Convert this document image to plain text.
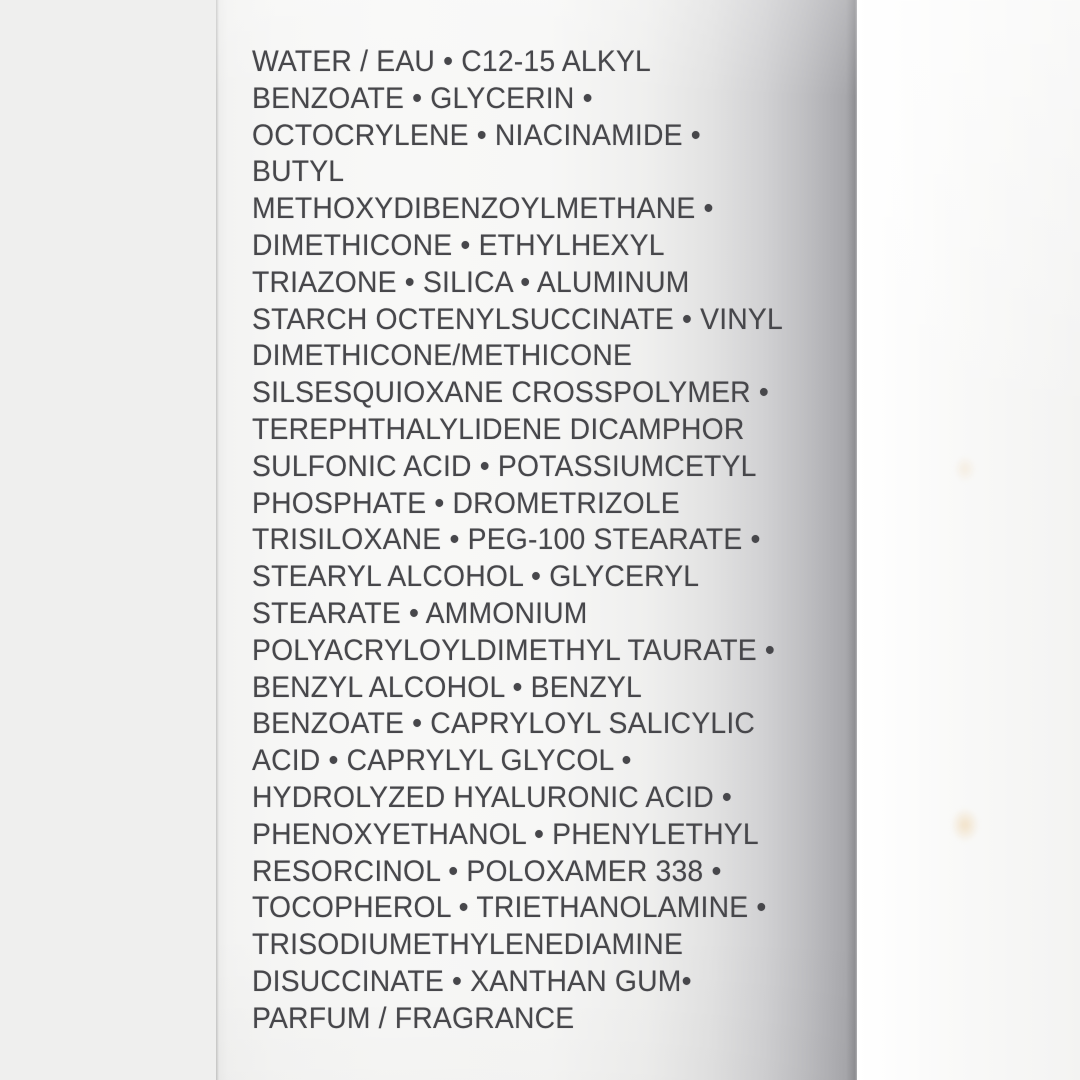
WATER / EAU • C12-15 ALKYL
BENZOATE • GLYCERIN •
OCTOCRYLENE • NIACINAMIDE •
BUTYL
METHOXYDIBENZOYLMETHANE •
DIMETHICONE • ETHYLHEXYL
TRIAZONE • SILICA • ALUMINUM
STARCH OCTENYLSUCCINATE • VINYL
DIMETHICONE/METHICONE
SILSESQUIOXANE CROSSPOLYMER •
TEREPHTHALYLIDENE DICAMPHOR
SULFONIC ACID • POTASSIUMCETYL
PHOSPHATE • DROMETRIZOLE
TRISILOXANE • PEG-100 STEARATE •
STEARYL ALCOHOL • GLYCERYL
STEARATE • AMMONIUM
POLYACRYLOYLDIMETHYL TAURATE •
BENZYL ALCOHOL • BENZYL
BENZOATE • CAPRYLOYL SALICYLIC
ACID • CAPRYLYL GLYCOL •
HYDROLYZED HYALURONIC ACID •
PHENOXYETHANOL • PHENYLETHYL
RESORCINOL • POLOXAMER 338 •
TOCOPHEROL • TRIETHANOLAMINE •
TRISODIUMETHYLENEDIAMINE
DISUCCINATE • XANTHAN GUM•
PARFUM / FRAGRANCE
